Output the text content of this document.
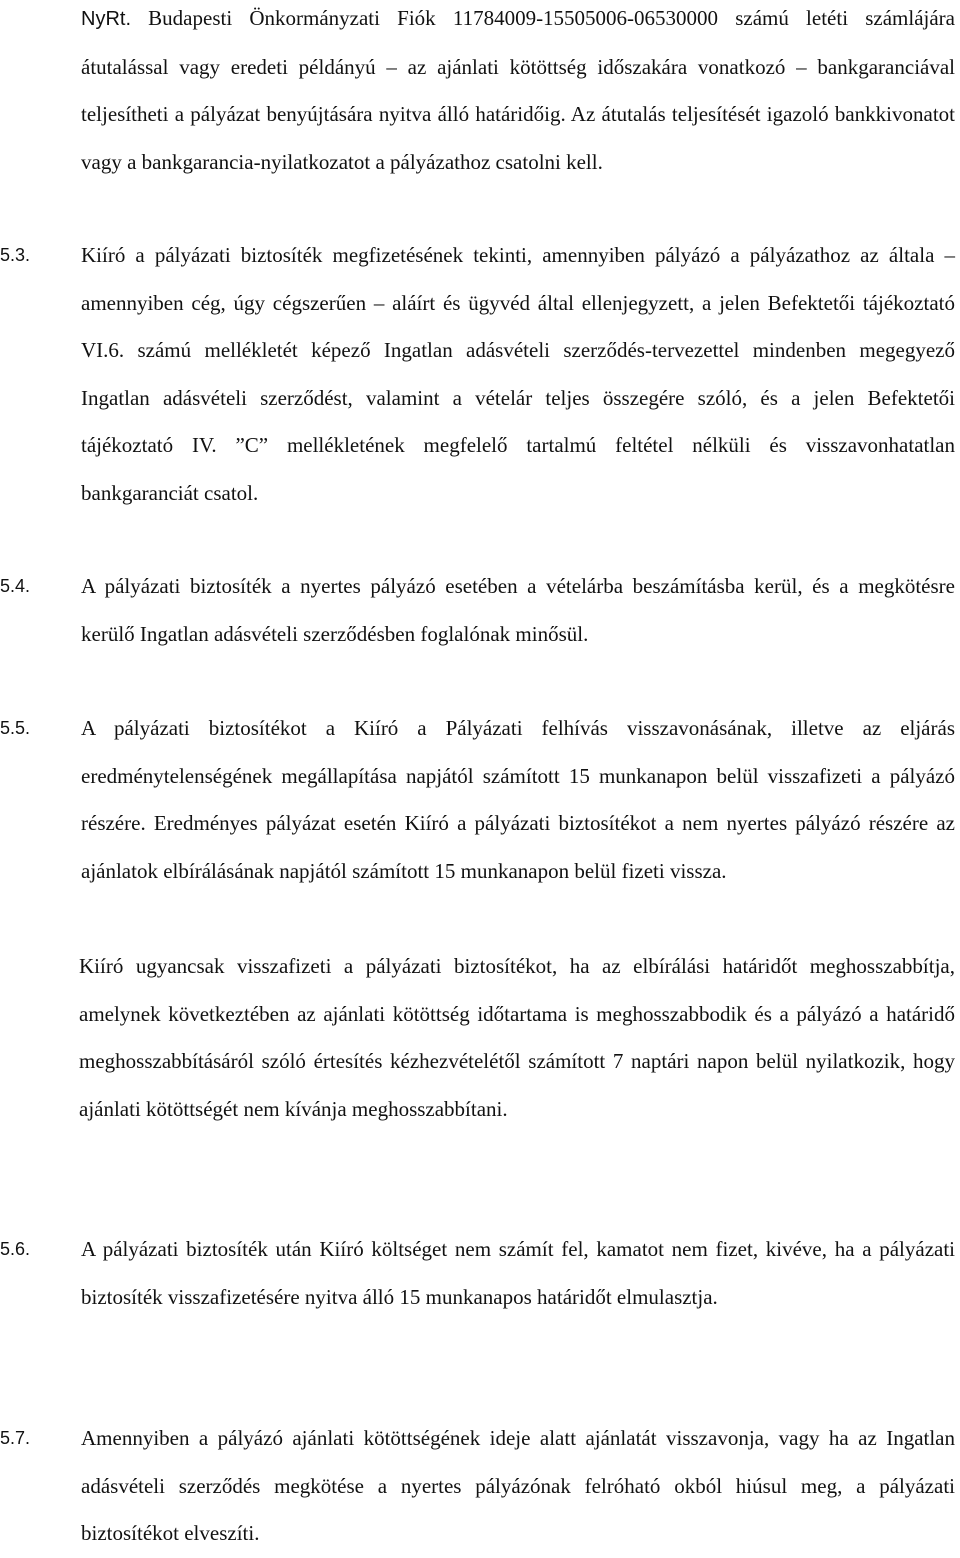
NyRt. Budapesti Önkormányzati Fiók 11784009-15505006-06530000 számú letéti számlájára átutalással vagy eredeti példányú – az ajánlati kötöttség időszakára vonatkozó – bankgaranciával teljesítheti a pályázat benyújtására nyitva álló határidőig. Az átutalás teljesítését igazoló bankkivonatot vagy a bankgarancia-nyilatkozatot a pályázathoz csatolni kell.
5.3. Kiíró a pályázati biztosíték megfizetésének tekinti, amennyiben pályázó a pályázathoz az általa – amennyiben cég, úgy cégszerűen – aláírt és ügyvéd által ellenjegyzett, a jelen Befektetői tájékoztató VI.6. számú mellékletét képező Ingatlan adásvételi szerződés-tervezettel mindenben megegyező Ingatlan adásvételi szerződést, valamint a vételár teljes összegére szóló, és a jelen Befektetői tájékoztató IV. ”C” mellékletének megfelelő tartalmú feltétel nélküli és visszavonhatatlan bankgaranciát csatol.
5.4. A pályázati biztosíték a nyertes pályázó esetében a vételárba beszámításba kerül, és a megkötésre kerülő Ingatlan adásvételi szerződésben foglalónak minősül.
5.5. A pályázati biztosítékot a Kiíró a Pályázati felhívás visszavonásának, illetve az eljárás eredménytelenségének megállapítása napjától számított 15 munkanapon belül visszafizeti a pályázó részére. Eredményes pályázat esetén Kiíró a pályázati biztosítékot a nem nyertes pályázó részére az ajánlatok elbírálásának napjától számított 15 munkanapon belül fizeti vissza.
Kiíró ugyancsak visszafizeti a pályázati biztosítékot, ha az elbírálási határidőt meghosszabbítja, amelynek következtében az ajánlati kötöttség időtartama is meghosszabbodik és a pályázó a határidő meghosszabbításáról szóló értesítés kézhezvételétől számított 7 naptári napon belül nyilatkozik, hogy ajánlati kötöttségét nem kívánja meghosszabbítani.
5.6. A pályázati biztosíték után Kiíró költséget nem számít fel, kamatot nem fizet, kivéve, ha a pályázati biztosíték visszafizetésére nyitva álló 15 munkanapos határidőt elmulasztja.
5.7. Amennyiben a pályázó ajánlati kötöttségének ideje alatt ajánlatát visszavonja, vagy ha az Ingatlan adásvételi szerződés megkötése a nyertes pályázónak felróható okból hiúsul meg, a pályázati biztosítékot elveszíti.
